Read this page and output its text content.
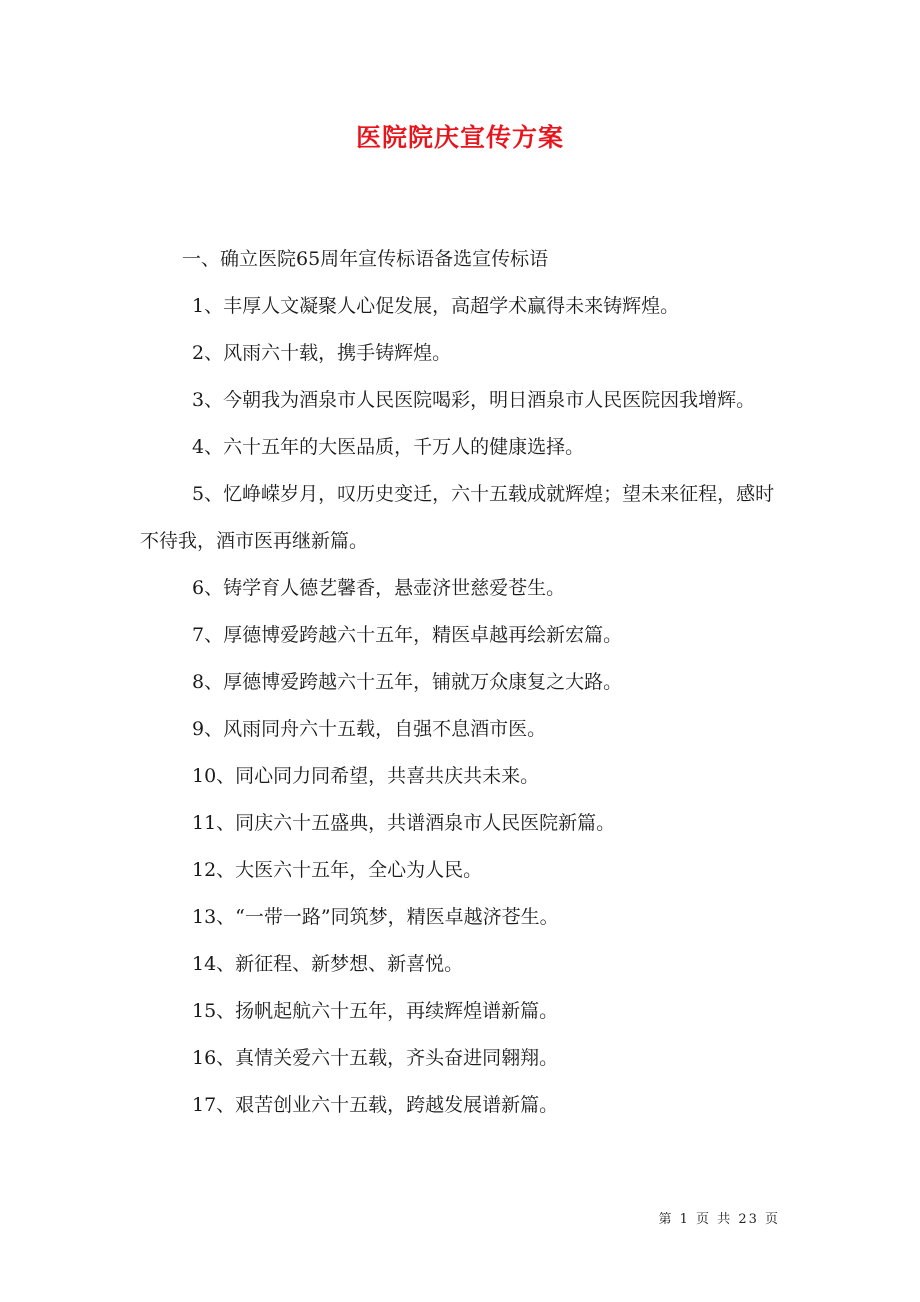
医院院庆宣传方案

一、确立医院65周年宣传标语备选宣传标语

1、丰厚人文凝聚人心促发展，高超学术赢得未来铸辉煌。

2、风雨六十载，携手铸辉煌。

3、今朝我为酒泉市人民医院喝彩，明日酒泉市人民医院因我增辉。

4、六十五年的大医品质，千万人的健康选择。

5、忆峥嵘岁月，叹历史变迁，六十五载成就辉煌；望未来征程，感时不待我，酒市医再继新篇。

6、铸学育人德艺馨香，悬壶济世慈爱苍生。

7、厚德博爱跨越六十五年，精医卓越再绘新宏篇。

8、厚德博爱跨越六十五年，铺就万众康复之大路。

9、风雨同舟六十五载，自强不息酒市医。

10、同心同力同希望，共喜共庆共未来。

11、同庆六十五盛典，共谱酒泉市人民医院新篇。

12、大医六十五年，全心为人民。

13、“一带一路”同筑梦，精医卓越济苍生。

14、新征程、新梦想、新喜悦。

15、扬帆起航六十五年，再续辉煌谱新篇。

16、真情关爱六十五载，齐头奋进同翱翔。

17、艰苦创业六十五载，跨越发展谱新篇。

第 1 页 共 23 页
